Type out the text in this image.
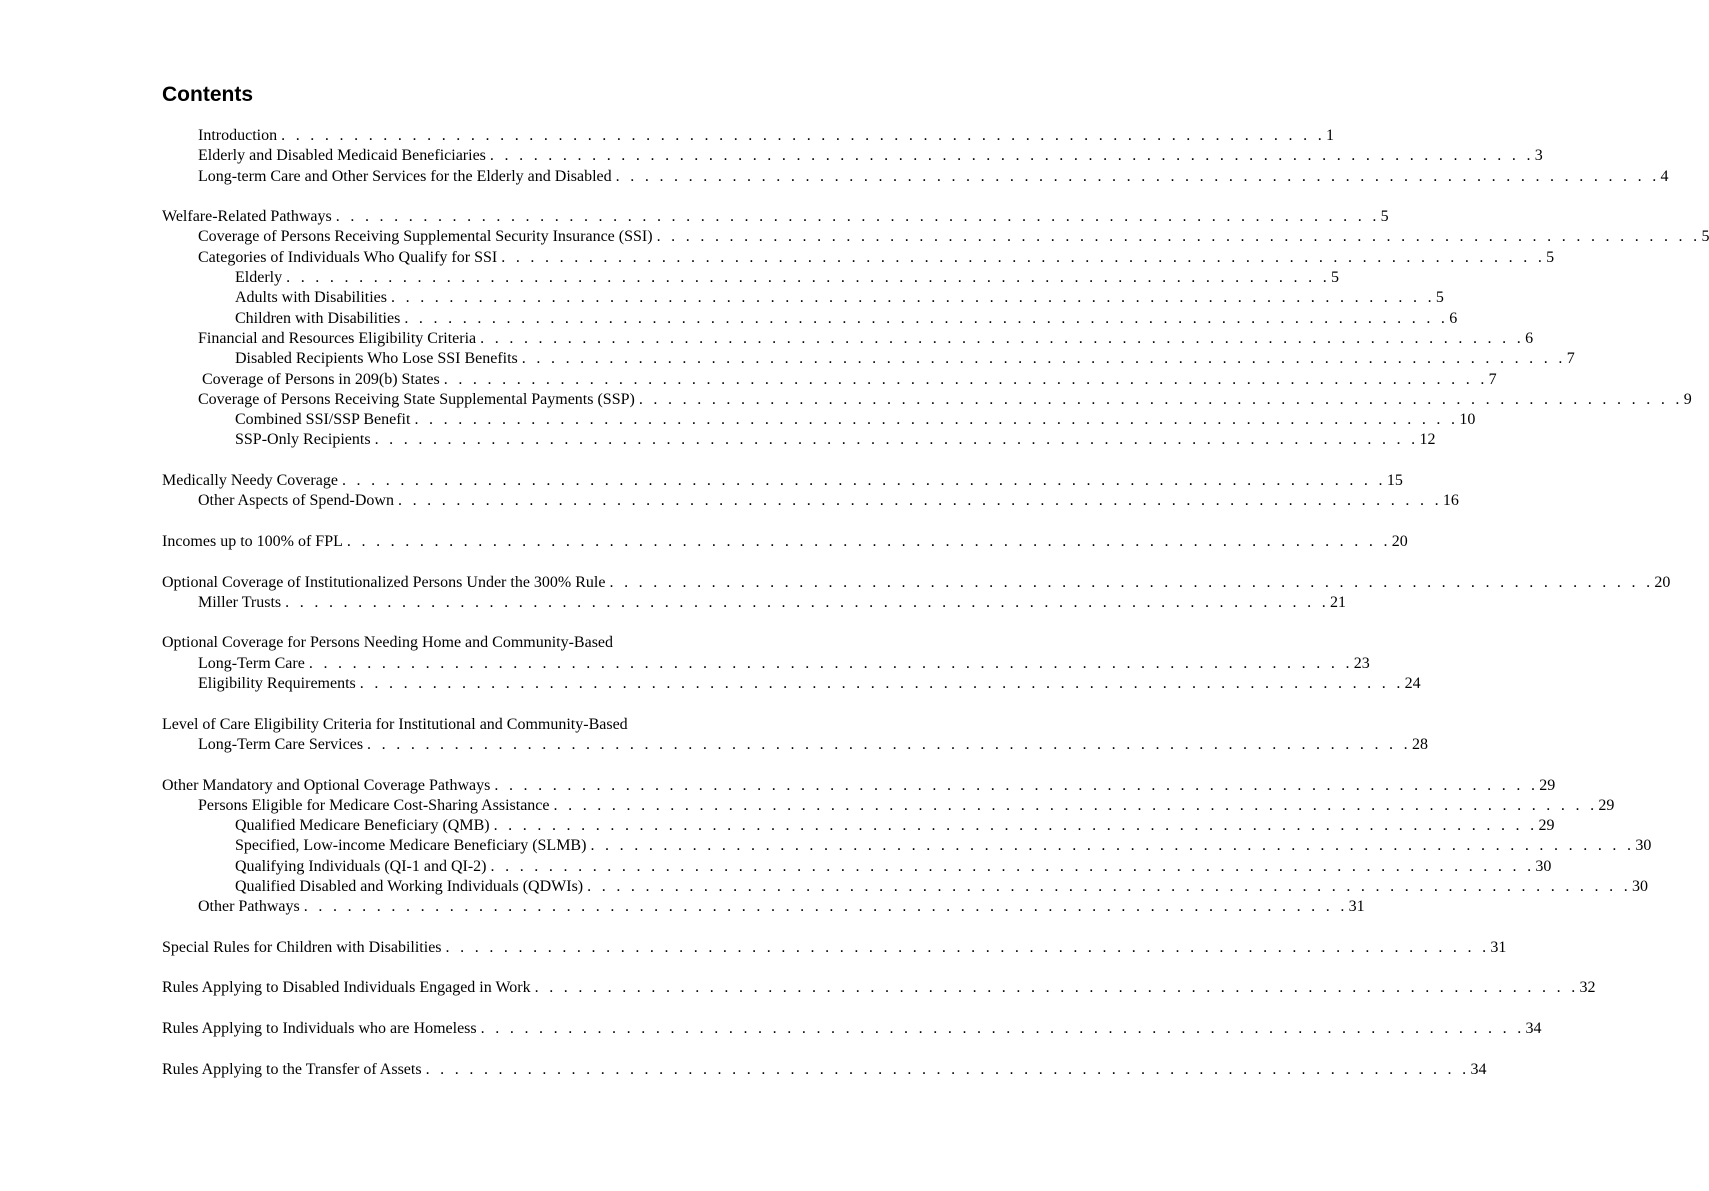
Contents
Introduction . . . . . . . . . . . . . . . . . . . . . . . . . . . . . . . . . . . . . . . . . . . . . . . . . . . . . . . . . . . . . . . . . . . . . . . . 1
Elderly and Disabled Medicaid Beneficiaries . . . . . . . . . . . . . . . . . . . . . . . . . . . . . . . . . . . . . . . . . . . . . . . . . . . . . . . . . . . . . . . . . . . . . . . . 3
Long-term Care and Other Services for the Elderly and Disabled . . . . . . . . . . . . . . . . . . . . . . . . . . . . . . . . . . . . . . . . . . . . . . . . . . . . . . . . . . . . . . . . . . . . . . . . 4
Welfare-Related Pathways . . . . . . . . . . . . . . . . . . . . . . . . . . . . . . . . . . . . . . . . . . . . . . . . . . . . . . . . . . . . . . . . . . . . . . . . 5
Coverage of Persons Receiving Supplemental Security Insurance (SSI) . . . . . . . . . . . . . . . . . . . . . . . . . . . . . . . . . . . . . . . . . . . . . . . . . . . . . . . . . . . . . . . . . . . . . . . . 5
Categories of Individuals Who Qualify for SSI . . . . . . . . . . . . . . . . . . . . . . . . . . . . . . . . . . . . . . . . . . . . . . . . . . . . . . . . . . . . . . . . . . . . . . . . 5
Elderly . . . . . . . . . . . . . . . . . . . . . . . . . . . . . . . . . . . . . . . . . . . . . . . . . . . . . . . . . . . . . . . . . . . . . . . . 5
Adults with Disabilities . . . . . . . . . . . . . . . . . . . . . . . . . . . . . . . . . . . . . . . . . . . . . . . . . . . . . . . . . . . . . . . . . . . . . . . . 5
Children with Disabilities . . . . . . . . . . . . . . . . . . . . . . . . . . . . . . . . . . . . . . . . . . . . . . . . . . . . . . . . . . . . . . . . . . . . . . . . 6
Financial and Resources Eligibility Criteria . . . . . . . . . . . . . . . . . . . . . . . . . . . . . . . . . . . . . . . . . . . . . . . . . . . . . . . . . . . . . . . . . . . . . . . . 6
Disabled Recipients Who Lose SSI Benefits . . . . . . . . . . . . . . . . . . . . . . . . . . . . . . . . . . . . . . . . . . . . . . . . . . . . . . . . . . . . . . . . . . . . . . . . 7
Coverage of Persons in 209(b) States . . . . . . . . . . . . . . . . . . . . . . . . . . . . . . . . . . . . . . . . . . . . . . . . . . . . . . . . . . . . . . . . . . . . . . . . 7
Coverage of Persons Receiving State Supplemental Payments (SSP) . . . . . . . . . . . . . . . . . . . . . . . . . . . . . . . . . . . . . . . . . . . . . . . . . . . . . . . . . . . . . . . . . . . . . . . . 9
Combined SSI/SSP Benefit . . . . . . . . . . . . . . . . . . . . . . . . . . . . . . . . . . . . . . . . . . . . . . . . . . . . . . . . . . . . . . . . . . . . . . . . 10
SSP-Only Recipients . . . . . . . . . . . . . . . . . . . . . . . . . . . . . . . . . . . . . . . . . . . . . . . . . . . . . . . . . . . . . . . . . . . . . . . . 12
Medically Needy Coverage . . . . . . . . . . . . . . . . . . . . . . . . . . . . . . . . . . . . . . . . . . . . . . . . . . . . . . . . . . . . . . . . . . . . . . . . 15
Other Aspects of Spend-Down . . . . . . . . . . . . . . . . . . . . . . . . . . . . . . . . . . . . . . . . . . . . . . . . . . . . . . . . . . . . . . . . . . . . . . . . 16
Incomes up to 100% of FPL . . . . . . . . . . . . . . . . . . . . . . . . . . . . . . . . . . . . . . . . . . . . . . . . . . . . . . . . . . . . . . . . . . . . . . . . 20
Optional Coverage of Institutionalized Persons Under the 300% Rule . . . . . . . . . . . . . . . . . . . . . . . . . . . . . . . . . . . . . . . . . . . . . . . . . . . . . . . . . . . . . . . . . . . . . . . . 20
Miller Trusts . . . . . . . . . . . . . . . . . . . . . . . . . . . . . . . . . . . . . . . . . . . . . . . . . . . . . . . . . . . . . . . . . . . . . . . . 21
Optional Coverage for Persons Needing Home and Community-Based
Long-Term Care . . . . . . . . . . . . . . . . . . . . . . . . . . . . . . . . . . . . . . . . . . . . . . . . . . . . . . . . . . . . . . . . . . . . . . . . 23
Eligibility Requirements . . . . . . . . . . . . . . . . . . . . . . . . . . . . . . . . . . . . . . . . . . . . . . . . . . . . . . . . . . . . . . . . . . . . . . . . 24
Level of Care Eligibility Criteria for Institutional and Community-Based
Long-Term Care Services . . . . . . . . . . . . . . . . . . . . . . . . . . . . . . . . . . . . . . . . . . . . . . . . . . . . . . . . . . . . . . . . . . . . . . . . 28
Other Mandatory and Optional Coverage Pathways . . . . . . . . . . . . . . . . . . . . . . . . . . . . . . . . . . . . . . . . . . . . . . . . . . . . . . . . . . . . . . . . . . . . . . . . 29
Persons Eligible for Medicare Cost-Sharing Assistance . . . . . . . . . . . . . . . . . . . . . . . . . . . . . . . . . . . . . . . . . . . . . . . . . . . . . . . . . . . . . . . . . . . . . . . . 29
Qualified Medicare Beneficiary (QMB) . . . . . . . . . . . . . . . . . . . . . . . . . . . . . . . . . . . . . . . . . . . . . . . . . . . . . . . . . . . . . . . . . . . . . . . . 29
Specified, Low-income Medicare Beneficiary (SLMB) . . . . . . . . . . . . . . . . . . . . . . . . . . . . . . . . . . . . . . . . . . . . . . . . . . . . . . . . . . . . . . . . . . . . . . . . 30
Qualifying Individuals (QI-1 and QI-2) . . . . . . . . . . . . . . . . . . . . . . . . . . . . . . . . . . . . . . . . . . . . . . . . . . . . . . . . . . . . . . . . . . . . . . . . 30
Qualified Disabled and Working Individuals (QDWIs) . . . . . . . . . . . . . . . . . . . . . . . . . . . . . . . . . . . . . . . . . . . . . . . . . . . . . . . . . . . . . . . . . . . . . . . . 30
Other Pathways . . . . . . . . . . . . . . . . . . . . . . . . . . . . . . . . . . . . . . . . . . . . . . . . . . . . . . . . . . . . . . . . . . . . . . . . 31
Special Rules for Children with Disabilities . . . . . . . . . . . . . . . . . . . . . . . . . . . . . . . . . . . . . . . . . . . . . . . . . . . . . . . . . . . . . . . . . . . . . . . . 31
Rules Applying to Disabled Individuals Engaged in Work . . . . . . . . . . . . . . . . . . . . . . . . . . . . . . . . . . . . . . . . . . . . . . . . . . . . . . . . . . . . . . . . . . . . . . . . 32
Rules Applying to Individuals who are Homeless . . . . . . . . . . . . . . . . . . . . . . . . . . . . . . . . . . . . . . . . . . . . . . . . . . . . . . . . . . . . . . . . . . . . . . . . 34
Rules Applying to the Transfer of Assets . . . . . . . . . . . . . . . . . . . . . . . . . . . . . . . . . . . . . . . . . . . . . . . . . . . . . . . . . . . . . . . . . . . . . . . . 34
